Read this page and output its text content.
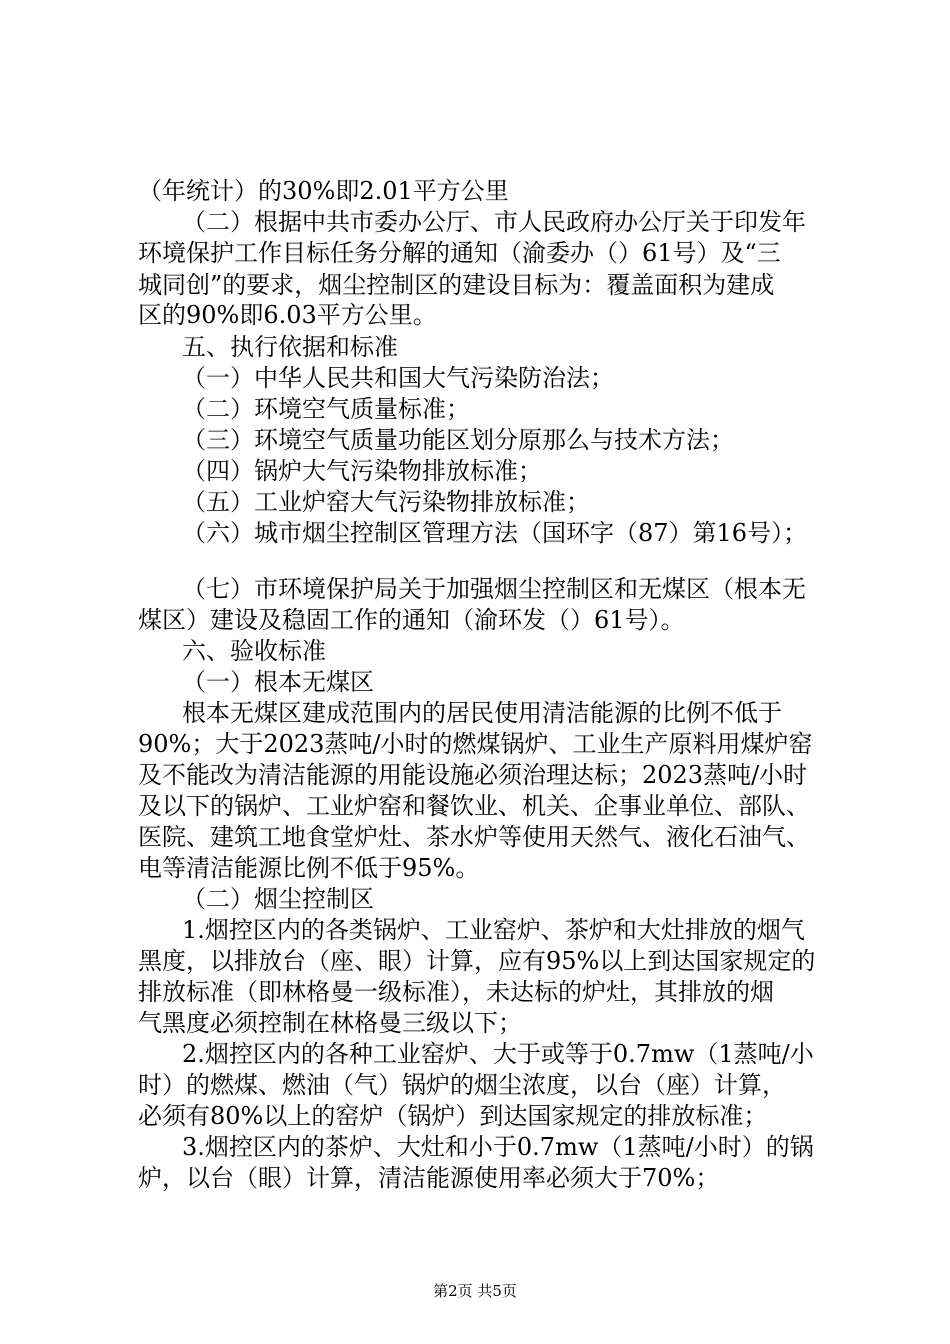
（年统计）的30%即2.01平方公里
（二）根据中共市委办公厅、市人民政府办公厅关于印发年
环境保护工作目标任务分解的通知（渝委办（）61号）及“三
城同创”的要求，烟尘控制区的建设目标为：覆盖面积为建成
区的90%即6.03平方公里。
五、执行依据和标准
（一）中华人民共和国大气污染防治法；
（二）环境空气质量标准；
（三）环境空气质量功能区划分原那么与技术方法；
（四）锅炉大气污染物排放标准；
（五）工业炉窑大气污染物排放标准；
（六）城市烟尘控制区管理方法（国环字（87）第16号）；
（七）市环境保护局关于加强烟尘控制区和无煤区（根本无
煤区）建设及稳固工作的通知（渝环发（）61号）。
六、验收标准
（一）根本无煤区
根本无煤区建成范围内的居民使用清洁能源的比例不低于
90%；大于2023蒸吨/小时的燃煤锅炉、工业生产原料用煤炉窑
及不能改为清洁能源的用能设施必须治理达标；2023蒸吨/小时
及以下的锅炉、工业炉窑和餐饮业、机关、企事业单位、部队、
医院、建筑工地食堂炉灶、茶水炉等使用天然气、液化石油气、
电等清洁能源比例不低于95%。
（二）烟尘控制区
1.烟控区内的各类锅炉、工业窑炉、茶炉和大灶排放的烟气
黑度，以排放台（座、眼）计算，应有95%以上到达国家规定的
排放标准（即林格曼一级标准），未达标的炉灶，其排放的烟
气黑度必须控制在林格曼三级以下；
2.烟控区内的各种工业窑炉、大于或等于0.7mw（1蒸吨/小
时）的燃煤、燃油（气）锅炉的烟尘浓度，以台（座）计算，
必须有80%以上的窑炉（锅炉）到达国家规定的排放标准；
3.烟控区内的茶炉、大灶和小于0.7mw（1蒸吨/小时）的锅
炉，以台（眼）计算，清洁能源使用率必须大于70%；
第2页 共5页
